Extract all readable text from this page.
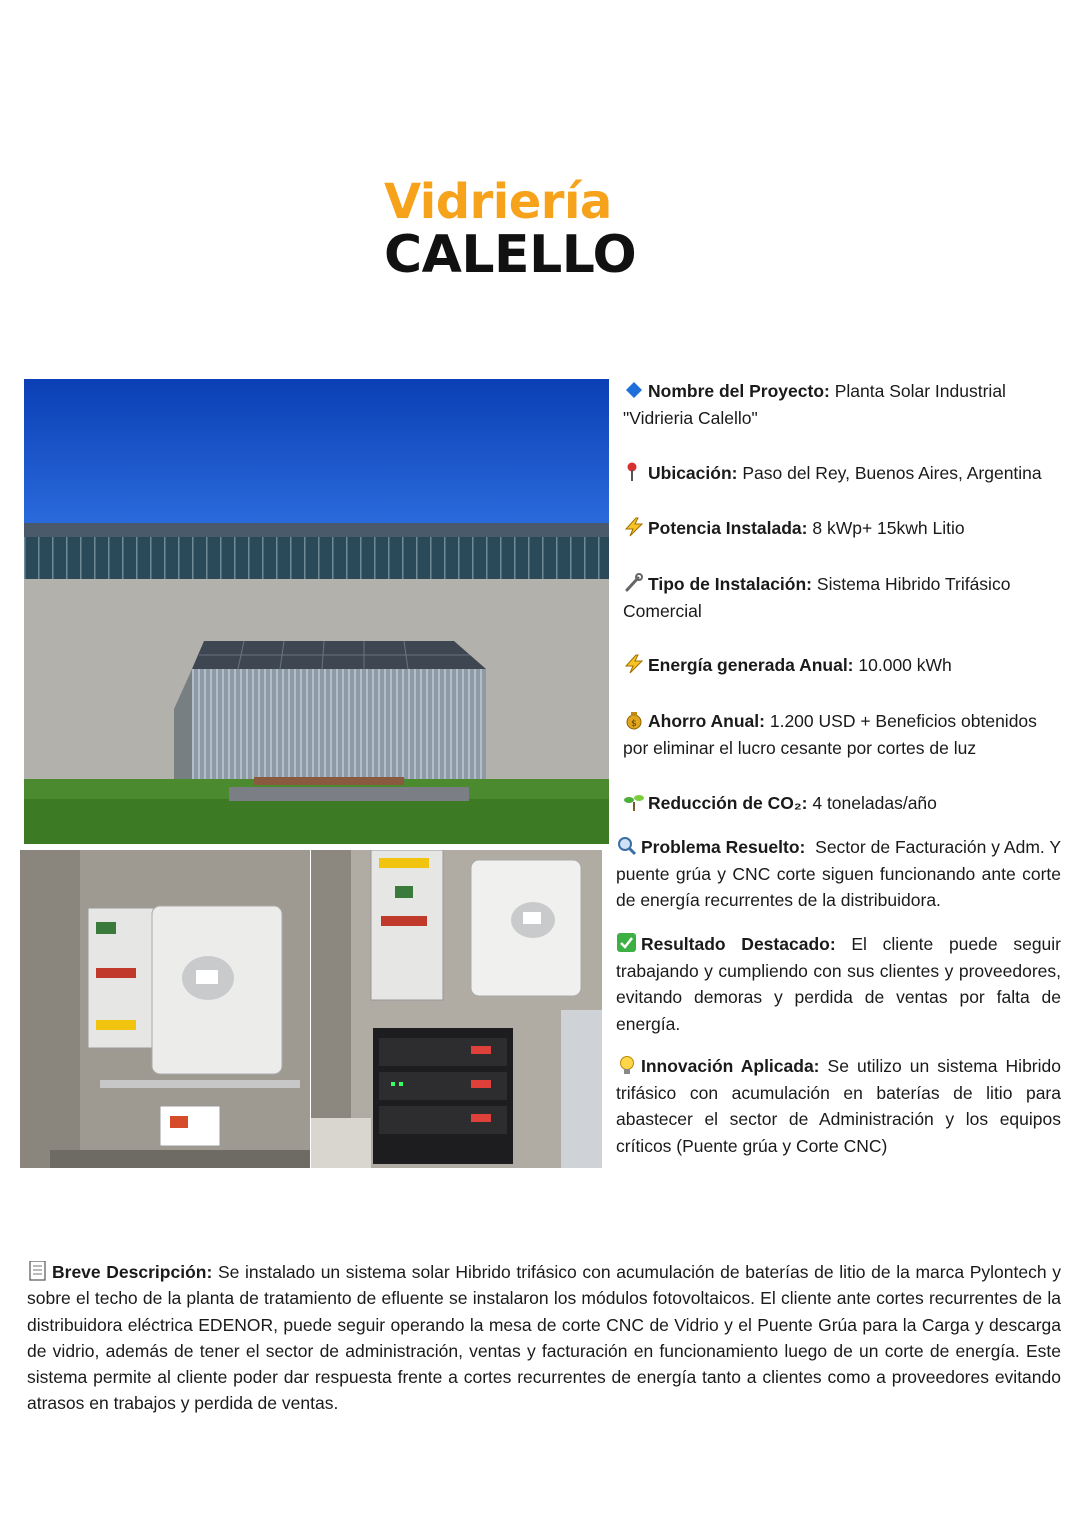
Vidriería
CALELLO
Nombre del Proyecto: Planta Solar Industrial "Vidrieria Calello"
Ubicación: Paso del Rey, Buenos Aires, Argentina
Potencia Instalada: 8 kWp+ 15kwh Litio
Tipo de Instalación: Sistema Hibrido Trifásico Comercial
Energía generada Anual: 10.000 kWh
$ Ahorro Anual: 1.200 USD + Beneficios obtenidos por eliminar el lucro cesante por cortes de luz
Reducción de CO₂: 4 toneladas/año
Problema Resuelto: Sector de Facturación y Adm. Y puente grúa y CNC corte siguen funcionando ante corte de energía recurrentes de la distribuidora.
Resultado Destacado: El cliente puede seguir trabajando y cumpliendo con sus clientes y proveedores, evitando demoras y perdida de ventas por falta de energía.
Innovación Aplicada: Se utilizo un sistema Hibrido trifásico con acumulación en baterías de litio para abastecer el sector de Administración y los equipos críticos (Puente grúa y Corte CNC)
Breve Descripción: Se instalado un sistema solar Hibrido trifásico con acumulación de baterías de litio de la marca Pylontech y sobre el techo de la planta de tratamiento de efluente se instalaron los módulos fotovoltaicos. El cliente ante cortes recurrentes de la distribuidora eléctrica EDENOR, puede seguir operando la mesa de corte CNC de Vidrio y el Puente Grúa para la Carga y descarga de vidrio, además de tener el sector de administración, ventas y facturación en funcionamiento luego de un corte de energía. Este sistema permite al cliente poder dar respuesta frente a cortes recurrentes de energía tanto a clientes como a proveedores evitando atrasos en trabajos y perdida de ventas.
